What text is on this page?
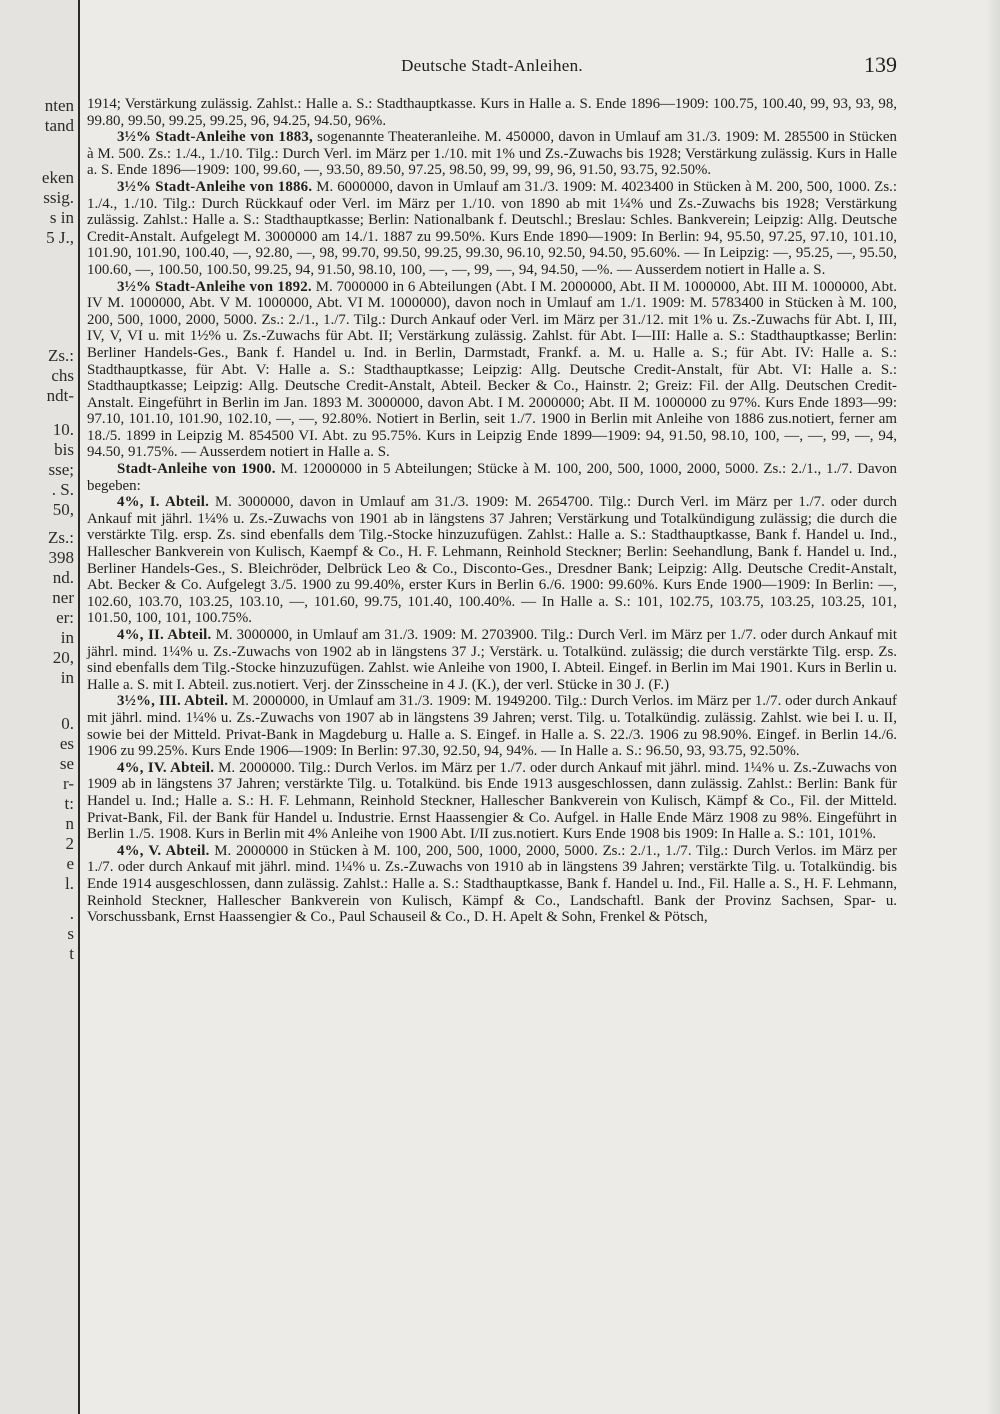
nten

tand

eken

ssig.

s in

5 J.,

Zs.:

chs

ndt-

10.

bis

sse;

. S.

50,

Zs.:

398

nd.

ner

er:

in

20,

in

0.

es

se

r-

t:

n

2

e

l.

.

s

t

Deutsche Stadt-Anleihen.	139

1914; Verstärkung zulässig. Zahlst.: Halle a. S.: Stadthauptkasse. Kurs in Halle a. S. Ende 1896—1909: 100.75, 100.40, 99, 93, 93, 98, 99.80, 99.50, 99.25, 99.25, 96, 94.25, 94.50, 96%.

3½% Stadt-Anleihe von 1883, sogenannte Theateranleihe. M. 450000, davon in Umlauf am 31./3. 1909: M. 285500 in Stücken à M. 500. Zs.: 1./4., 1./10. Tilg.: Durch Verl. im März per 1./10. mit 1% und Zs.-Zuwachs bis 1928; Verstärkung zulässig. Kurs in Halle a. S. Ende 1896—1909: 100, 99.60, —, 93.50, 89.50, 97.25, 98.50, 99, 99, 99, 96, 91.50, 93.75, 92.50%.

3½% Stadt-Anleihe von 1886. M. 6000000, davon in Umlauf am 31./3. 1909: M. 4023400 in Stücken à M. 200, 500, 1000. Zs.: 1./4., 1./10. Tilg.: Durch Rückkauf oder Verl. im März per 1./10. von 1890 ab mit 1¼% und Zs.-Zuwachs bis 1928; Verstärkung zulässig. Zahlst.: Halle a. S.: Stadthauptkasse; Berlin: Nationalbank f. Deutschl.; Breslau: Schles. Bankverein; Leipzig: Allg. Deutsche Credit-Anstalt. Aufgelegt M. 3000000 am 14./1. 1887 zu 99.50%. Kurs Ende 1890—1909: In Berlin: 94, 95.50, 97.25, 97.10, 101.10, 101.90, 101.90, 100.40, —, 92.80, —, 98, 99.70, 99.50, 99.25, 99.30, 96.10, 92.50, 94.50, 95.60%. — In Leipzig: —, 95.25, —, 95.50, 100.60, —, 100.50, 100.50, 99.25, 94, 91.50, 98.10, 100, —, —, 99, —, 94, 94.50, —%. — Ausserdem notiert in Halle a. S.

3½% Stadt-Anleihe von 1892. M. 7000000 in 6 Abteilungen (Abt. I M. 2000000, Abt. II M. 1000000, Abt. III M. 1000000, Abt. IV M. 1000000, Abt. V M. 1000000, Abt. VI M. 1000000), davon noch in Umlauf am 1./1. 1909: M. 5783400 in Stücken à M. 100, 200, 500, 1000, 2000, 5000. Zs.: 2./1., 1./7. Tilg.: Durch Ankauf oder Verl. im März per 31./12. mit 1% u. Zs.-Zuwachs für Abt. I, III, IV, V, VI u. mit 1½% u. Zs.-Zuwachs für Abt. II; Verstärkung zulässig. Zahlst. für Abt. I—III: Halle a. S.: Stadthauptkasse; Berlin: Berliner Handels-Ges., Bank f. Handel u. Ind. in Berlin, Darmstadt, Frankf. a. M. u. Halle a. S.; für Abt. IV: Halle a. S.: Stadthauptkasse, für Abt. V: Halle a. S.: Stadthauptkasse; Leipzig: Allg. Deutsche Credit-Anstalt, für Abt. VI: Halle a. S.: Stadthauptkasse; Leipzig: Allg. Deutsche Credit-Anstalt, Abteil. Becker & Co., Hainstr. 2; Greiz: Fil. der Allg. Deutschen Credit-Anstalt. Eingeführt in Berlin im Jan. 1893 M. 3000000, davon Abt. I M. 2000000; Abt. II M. 1000000 zu 97%. Kurs Ende 1893—99: 97.10, 101.10, 101.90, 102.10, —, —, 92.80%. Notiert in Berlin, seit 1./7. 1900 in Berlin mit Anleihe von 1886 zus.notiert, ferner am 18./5. 1899 in Leipzig M. 854500 VI. Abt. zu 95.75%. Kurs in Leipzig Ende 1899—1909: 94, 91.50, 98.10, 100, —, —, 99, —, 94, 94.50, 91.75%. — Ausserdem notiert in Halle a. S.

Stadt-Anleihe von 1900. M. 12000000 in 5 Abteilungen; Stücke à M. 100, 200, 500, 1000, 2000, 5000. Zs.: 2./1., 1./7. Davon begeben:

4%, I. Abteil. M. 3000000, davon in Umlauf am 31./3. 1909: M. 2654700. Tilg.: Durch Verl. im März per 1./7. oder durch Ankauf mit jährl. 1¼% u. Zs.-Zuwachs von 1901 ab in längstens 37 Jahren; Verstärkung und Totalkündigung zulässig; die durch die verstärkte Tilg. ersp. Zs. sind ebenfalls dem Tilg.-Stocke hinzuzufügen. Zahlst.: Halle a. S.: Stadthauptkasse, Bank f. Handel u. Ind., Hallescher Bankverein von Kulisch, Kaempf & Co., H. F. Lehmann, Reinhold Steckner; Berlin: Seehandlung, Bank f. Handel u. Ind., Berliner Handels-Ges., S. Bleichröder, Delbrück Leo & Co., Disconto-Ges., Dresdner Bank; Leipzig: Allg. Deutsche Credit-Anstalt, Abt. Becker & Co. Aufgelegt 3./5. 1900 zu 99.40%, erster Kurs in Berlin 6./6. 1900: 99.60%. Kurs Ende 1900—1909: In Berlin: —, 102.60, 103.70, 103.25, 103.10, —, 101.60, 99.75, 101.40, 100.40%. — In Halle a. S.: 101, 102.75, 103.75, 103.25, 103.25, 101, 101.50, 100, 101, 100.75%.

4%, II. Abteil. M. 3000000, in Umlauf am 31./3. 1909: M. 2703900. Tilg.: Durch Verl. im März per 1./7. oder durch Ankauf mit jährl. mind. 1¼% u. Zs.-Zuwachs von 1902 ab in längstens 37 J.; Verstärk. u. Totalkünd. zulässig; die durch verstärkte Tilg. ersp. Zs. sind ebenfalls dem Tilg.-Stocke hinzuzufügen. Zahlst. wie Anleihe von 1900, I. Abteil. Eingef. in Berlin im Mai 1901. Kurs in Berlin u. Halle a. S. mit I. Abteil. zus.notiert. Verj. der Zinsscheine in 4 J. (K.), der verl. Stücke in 30 J. (F.)

3½%, III. Abteil. M. 2000000, in Umlauf am 31./3. 1909: M. 1949200. Tilg.: Durch Verlos. im März per 1./7. oder durch Ankauf mit jährl. mind. 1¼% u. Zs.-Zuwachs von 1907 ab in längstens 39 Jahren; verst. Tilg. u. Totalkündig. zulässig. Zahlst. wie bei I. u. II, sowie bei der Mitteld. Privat-Bank in Magdeburg u. Halle a. S. Eingef. in Halle a. S. 22./3. 1906 zu 98.90%. Eingef. in Berlin 14./6. 1906 zu 99.25%. Kurs Ende 1906—1909: In Berlin: 97.30, 92.50, 94, 94%. — In Halle a. S.: 96.50, 93, 93.75, 92.50%.

4%, IV. Abteil. M. 2000000. Tilg.: Durch Verlos. im März per 1./7. oder durch Ankauf mit jährl. mind. 1¼% u. Zs.-Zuwachs von 1909 ab in längstens 37 Jahren; verstärkte Tilg. u. Totalkünd. bis Ende 1913 ausgeschlossen, dann zulässig. Zahlst.: Berlin: Bank für Handel u. Ind.; Halle a. S.: H. F. Lehmann, Reinhold Steckner, Hallescher Bankverein von Kulisch, Kämpf & Co., Fil. der Mitteld. Privat-Bank, Fil. der Bank für Handel u. Industrie. Ernst Haassengier & Co. Aufgel. in Halle Ende März 1908 zu 98%. Eingeführt in Berlin 1./5. 1908. Kurs in Berlin mit 4% Anleihe von 1900 Abt. I/II zus.notiert. Kurs Ende 1908 bis 1909: In Halle a. S.: 101, 101%.

4%, V. Abteil. M. 2000000 in Stücken à M. 100, 200, 500, 1000, 2000, 5000. Zs.: 2./1., 1./7. Tilg.: Durch Verlos. im März per 1./7. oder durch Ankauf mit jährl. mind. 1¼% u. Zs.-Zuwachs von 1910 ab in längstens 39 Jahren; verstärkte Tilg. u. Totalkündig. bis Ende 1914 ausgeschlossen, dann zulässig. Zahlst.: Halle a. S.: Stadthauptkasse, Bank f. Handel u. Ind., Fil. Halle a. S., H. F. Lehmann, Reinhold Steckner, Hallescher Bankverein von Kulisch, Kämpf & Co., Landschaftl. Bank der Provinz Sachsen, Spar- u. Vorschussbank, Ernst Haassengier & Co., Paul Schauseil & Co., D. H. Apelt & Sohn, Frenkel & Pötsch,
